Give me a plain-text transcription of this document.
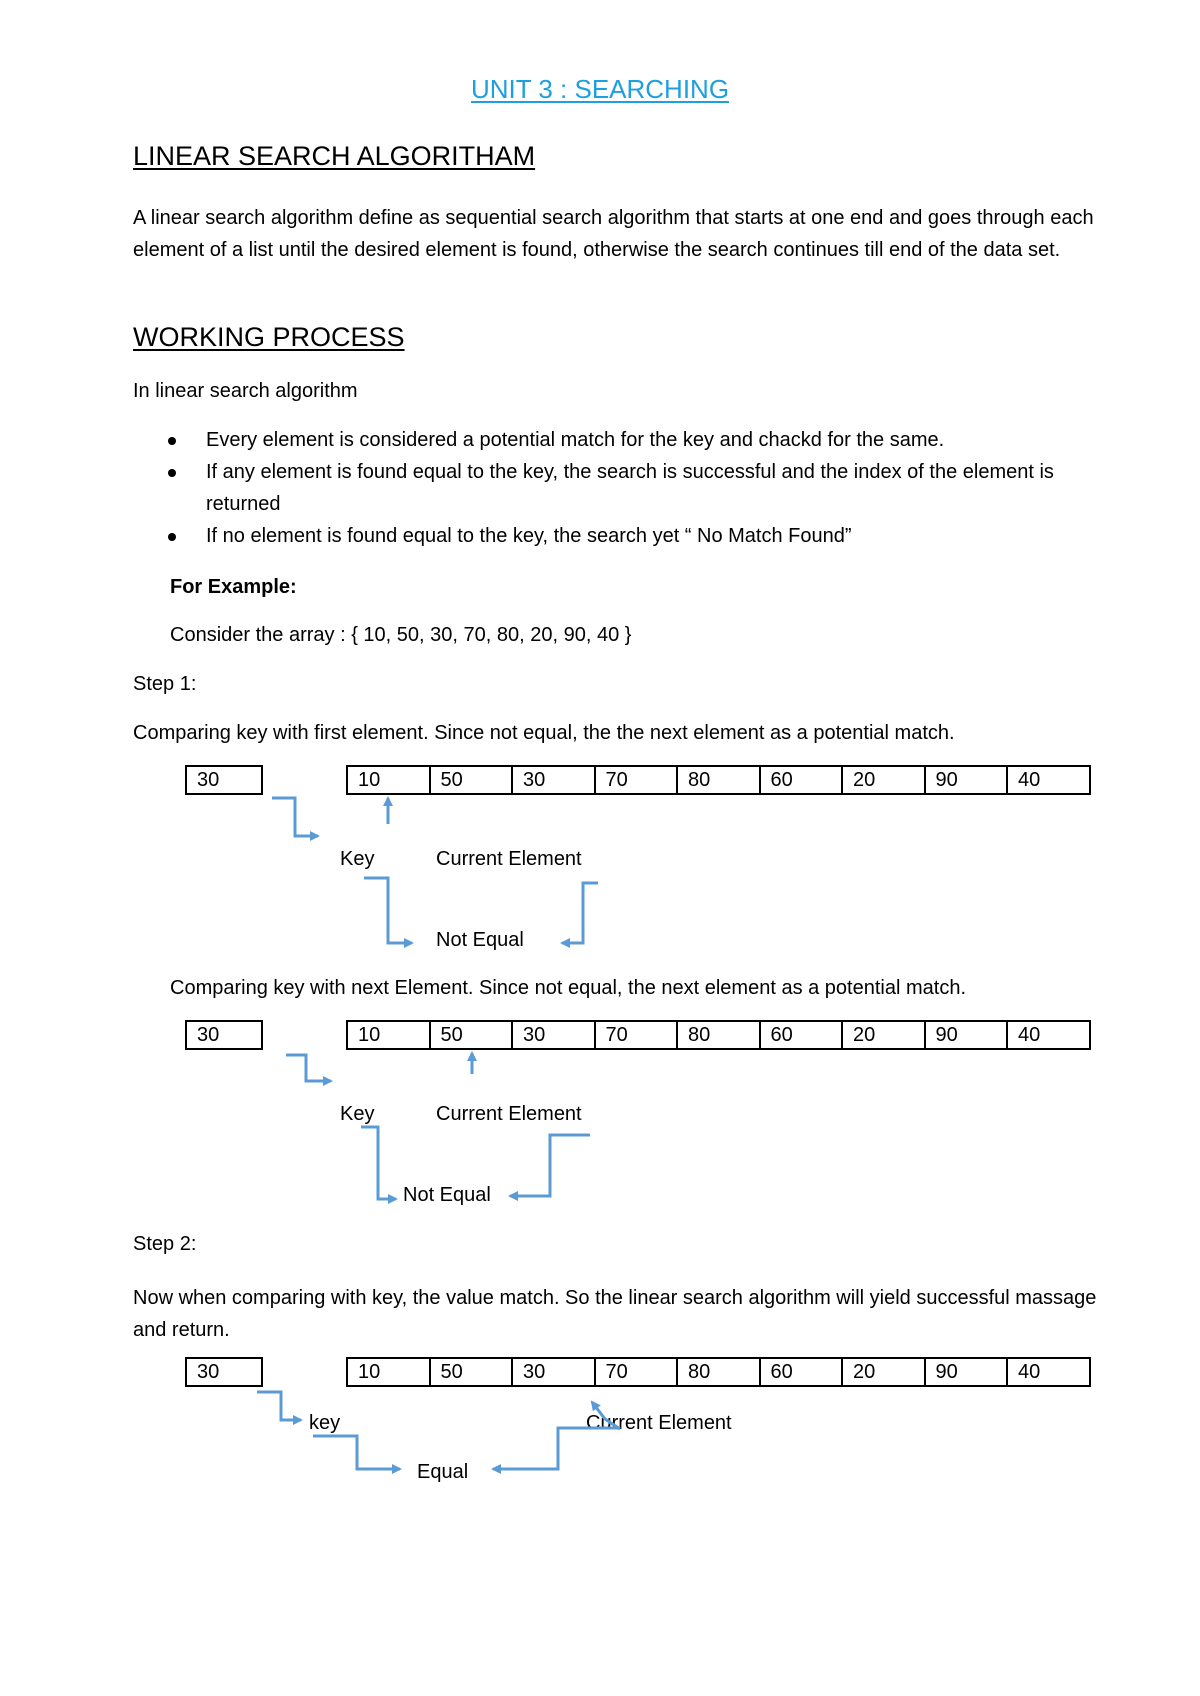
UNIT 3 : SEARCHING
LINEAR SEARCH ALGORITHAM
A linear search algorithm define as sequential search algorithm that starts at one end and goes through each element of a list until the desired element is found, otherwise the search continues till end of the data set.
WORKING PROCESS
In linear search algorithm
Every element is considered a potential match for the key and chackd for the same.
If any element is found equal to the key, the search is successful and the index of the element is returned
If no element is found equal to the key, the search yet “ No Match Found”
For Example:
Consider the array : { 10, 50, 30, 70, 80, 20, 90, 40 }
Step 1:
Comparing key with first element. Since not equal, the the next element as a potential match.
30	10	50	30	70	80	60	20	90	40
Key	Current Element
Not Equal
Comparing key with next Element. Since not equal, the next element as a potential match.
30	10	50	30	70	80	60	20	90	40
Key	Current Element
Not Equal
Step 2:
Now when comparing with key, the value match. So the linear search algorithm will yield successful massage and return.
30	10	50	30	70	80	60	20	90	40
key	Current Element
Equal
